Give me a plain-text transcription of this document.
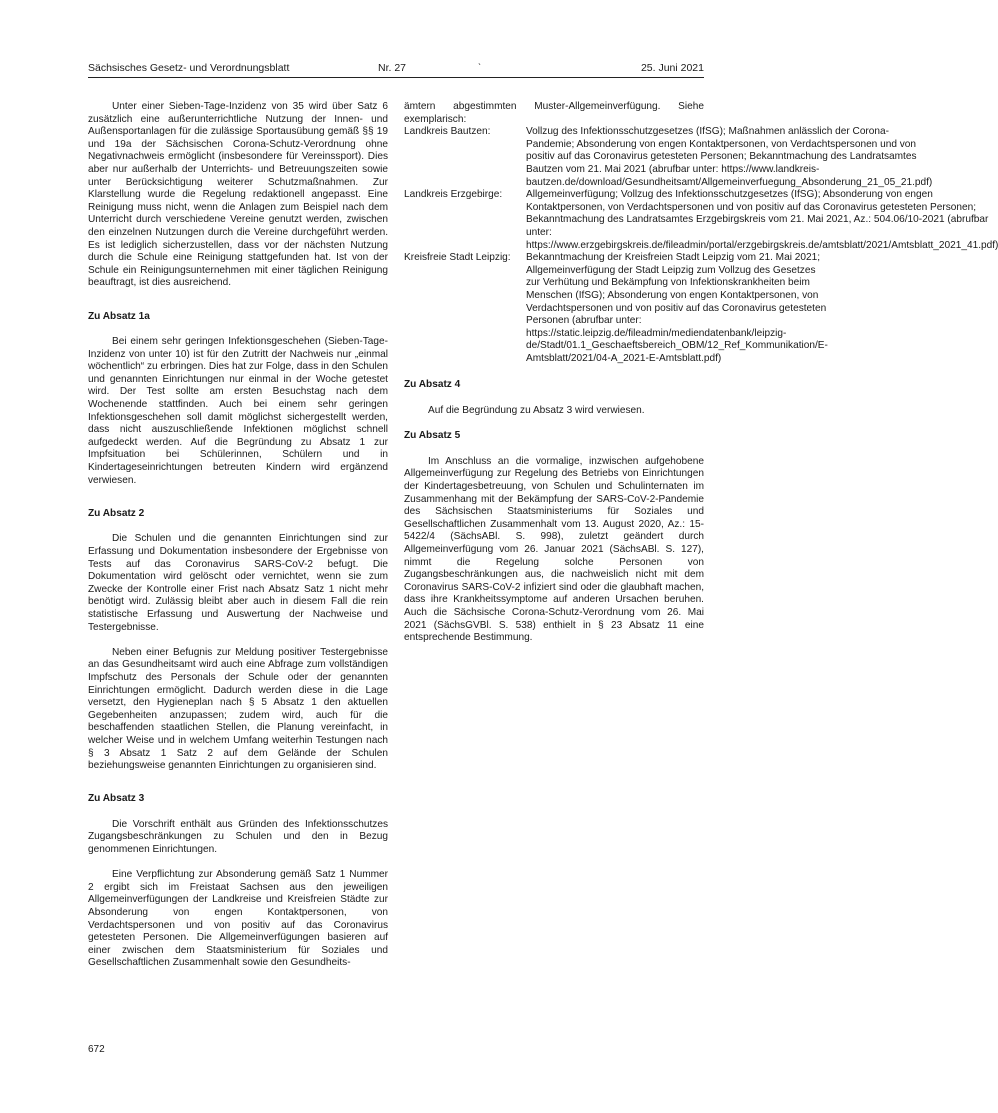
Sächsisches Gesetz- und Verordnungsblatt	Nr. 27	˴	25. Juni 2021

Unter einer Sieben-Tage-Inzidenz von 35 wird über Satz 6 zusätzlich eine außerunterrichtliche Nutzung der Innen- und Außensportanlagen für die zulässige Sportausübung gemäß §§ 19 und 19a der Sächsischen Corona-Schutz-Verordnung ohne Negativnachweis ermöglicht (insbesondere für Vereinssport). Dies aber nur außerhalb der Unterrichts- und Betreuungszeiten sowie unter Berücksichtigung weiterer Schutzmaßnahmen. Zur Klarstellung wurde die Regelung redaktionell angepasst. Eine Reinigung muss nicht, wenn die Anlagen zum Beispiel nach dem Unterricht durch verschiedene Vereine genutzt werden, zwischen den einzelnen Nutzungen durch die Vereine durchgeführt werden. Es ist lediglich sicherzustellen, dass vor der nächsten Nutzung durch die Schule eine Reinigung stattgefunden hat. Ist von der Schule ein Reinigungsunternehmen mit einer täglichen Reinigung beauftragt, ist dies ausreichend.

Zu Absatz 1a

Bei einem sehr geringen Infektionsgeschehen (Sieben-Tage-Inzidenz von unter 10) ist für den Zutritt der Nachweis nur „einmal wöchentlich“ zu erbringen. Dies hat zur Folge, dass in den Schulen und genannten Einrichtungen nur einmal in der Woche getestet wird. Der Test sollte am ersten Besuchstag nach dem Wochenende stattfinden. Auch bei einem sehr geringen Infektionsgeschehen soll damit möglichst sichergestellt werden, dass nicht auszuschließende Infektionen möglichst schnell aufgedeckt werden. Auf die Begründung zu Absatz 1 zur Impfsituation bei Schülerinnen, Schülern und in Kindertageseinrichtungen betreuten Kindern wird ergänzend verwiesen.

Zu Absatz 2

Die Schulen und die genannten Einrichtungen sind zur Erfassung und Dokumentation insbesondere der Ergebnisse von Tests auf das Coronavirus SARS-CoV-2 befugt. Die Dokumentation wird gelöscht oder vernichtet, wenn sie zum Zwecke der Kontrolle einer Frist nach Absatz Satz 1 nicht mehr benötigt wird. Zulässig bleibt aber auch in diesem Fall die rein statistische Erfassung und Auswertung der Nachweise und Testergebnisse.

Neben einer Befugnis zur Meldung positiver Testergebnisse an das Gesundheitsamt wird auch eine Abfrage zum vollständigen Impfschutz des Personals der Schule oder der genannten Einrichtungen ermöglicht. Dadurch werden diese in die Lage versetzt, den Hygieneplan nach § 5 Absatz 1 den aktuellen Gegebenheiten anzupassen; zudem wird, auch für die beschaffenden staatlichen Stellen, die Planung vereinfacht, in welcher Weise und in welchem Umfang weiterhin Testungen nach § 3 Absatz 1 Satz 2 auf dem Gelände der Schulen beziehungsweise genannten Einrichtungen zu organisieren sind.

Zu Absatz 3

Die Vorschrift enthält aus Gründen des Infektionsschutzes Zugangsbeschränkungen zu Schulen und den in Bezug genommenen Einrichtungen.

Eine Verpflichtung zur Absonderung gemäß Satz 1 Nummer 2 ergibt sich im Freistaat Sachsen aus den jeweiligen Allgemeinverfügungen der Landkreise und Kreisfreien Städte zur Absonderung von engen Kontaktpersonen, von Verdachtspersonen und von positiv auf das Coronavirus getesteten Personen. Die Allgemeinverfügungen basieren auf einer zwischen dem Staatsministerium für Soziales und Gesellschaftlichen Zusammenhalt sowie den Gesundheits-

ämtern abgestimmten Muster-Allgemeinverfügung. Siehe exemplarisch:

Landkreis Bautzen:	Vollzug des Infektionsschutzgesetzes (IfSG); Maßnahmen anlässlich der Corona-Pandemie; Absonderung von engen Kontaktpersonen, von Verdachtspersonen und von positiv auf das Coronavirus getesteten Personen; Bekanntmachung des Landratsamtes Bautzen vom 21. Mai 2021 (abrufbar unter: https://www.landkreis-bautzen.de/download/Gesundheitsamt/Allgemeinverfuegung_Absonderung_21_05_21.pdf)
Landkreis Erzgebirge:	Allgemeinverfügung; Vollzug des Infektionsschutzgesetzes (IfSG); Absonderung von engen Kontaktpersonen, von Verdachtspersonen und von positiv auf das Coronavirus getesteten Personen; Bekanntmachung des Landratsamtes Erzgebirgskreis vom 21. Mai 2021, Az.: 504.06/10-2021 (abrufbar unter: https://www.erzgebirgskreis.de/fileadmin/portal/erzgebirgskreis.de/amtsblatt/2021/Amtsblatt_2021_41.pdf)
Kreisfreie Stadt Leipzig:	Bekanntmachung der Kreisfreien Stadt Leipzig vom 21. Mai 2021; Allgemeinverfügung der Stadt Leipzig zum Vollzug des Gesetzes zur Verhütung und Bekämpfung von Infektionskrankheiten beim Menschen (IfSG); Absonderung von engen Kontaktpersonen, von Verdachtspersonen und von positiv auf das Coronavirus getesteten Personen (abrufbar unter: https://static.leipzig.de/fileadmin/mediendatenbank/leipzig-de/Stadt/01.1_Geschaeftsbereich_OBM/12_Ref_Kommunikation/E-Amtsblatt/2021/04-A_2021-E-Amtsblatt.pdf)
Zu Absatz 4

Auf die Begründung zu Absatz 3 wird verwiesen.

Zu Absatz 5

Im Anschluss an die vormalige, inzwischen aufgehobene Allgemeinverfügung zur Regelung des Betriebs von Einrichtungen der Kindertagesbetreuung, von Schulen und Schulinternaten im Zusammenhang mit der Bekämpfung der SARS-CoV-2-Pandemie des Sächsischen Staatsministeriums für Soziales und Gesellschaftlichen Zusammenhalt vom 13. August 2020, Az.: 15-5422/4 (SächsABl. S. 998), zuletzt geändert durch Allgemeinverfügung vom 26. Januar 2021 (SächsABl. S. 127), nimmt die Regelung solche Personen von Zugangsbeschränkungen aus, die nachweislich nicht mit dem Coronavirus SARS-CoV-2 infiziert sind oder die glaubhaft machen, dass ihre Krankheitssymptome auf anderen Ursachen beruhen. Auch die Sächsische Corona-Schutz-Verordnung vom 26. Mai 2021 (SächsGVBl. S. 538) enthielt in § 23 Absatz 11 eine entsprechende Bestimmung.

672
